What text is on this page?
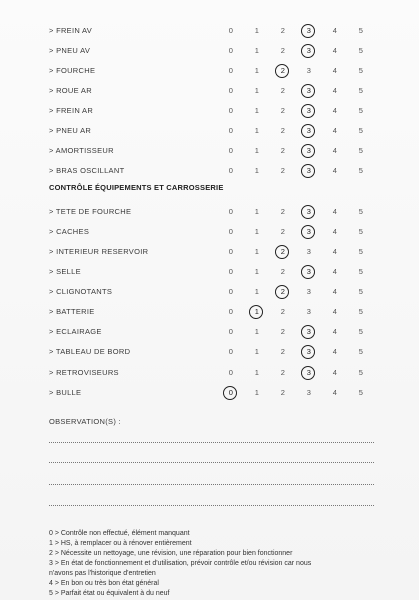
> FREIN AV	0	1	2	3	4	5
> PNEU AV	0	1	2	3	4	5
> FOURCHE	0	1	2	3	4	5
> ROUE AR	0	1	2	3	4	5
> FREIN AR	0	1	2	3	4	5
> PNEU AR	0	1	2	3	4	5
> AMORTISSEUR	0	1	2	3	4	5
> BRAS OSCILLANT	0	1	2	3	4	5
CONTRÔLE ÉQUIPEMENTS ET CARROSSERIE
> TETE DE FOURCHE	0	1	2	3	4	5
> CACHES	0	1	2	3	4	5
> INTERIEUR RESERVOIR	0	1	2	3	4	5
> SELLE	0	1	2	3	4	5
> CLIGNOTANTS	0	1	2	3	4	5
> BATTERIE	0	1	2	3	4	5
> ECLAIRAGE	0	1	2	3	4	5
> TABLEAU DE BORD	0	1	2	3	4	5
> RETROVISEURS	0	1	2	3	4	5
> BULLE	0	1	2	3	4	5
OBSERVATION(S) :
0 > Contrôle non effectué, élément manquant
1 > HS, à remplacer ou à rénover entièrement
2 > Nécessite un nettoyage, une révision, une réparation pour bien fonctionner
3 > En état de fonctionnement et d'utilisation, prévoir contrôle et/ou révision car nous
n'avons pas l'historique d'entretien
4 > En bon ou très bon état général
5 > Parfait état ou équivalent à du neuf
